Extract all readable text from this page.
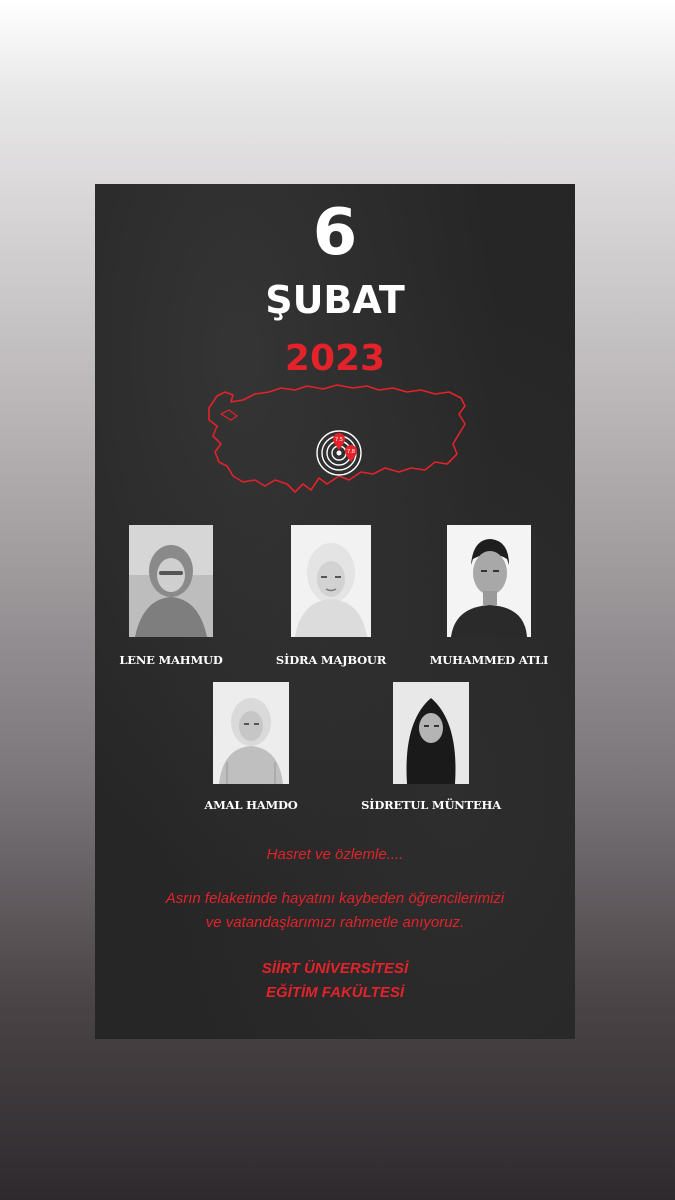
6
ŞUBAT
2023
7.5
7.8
LENE MAHMUD	SİDRA MAJBOUR	MUHAMMED ATLI
AMAL HAMDO	SİDRETUL MÜNTEHA
Hasret ve özlemle....
Asrın felaketinde hayatını kaybeden öğrencilerimizi
ve vatandaşlarımızı rahmetle anıyoruz.
SİİRT ÜNİVERSİTESİ
EĞİTİM FAKÜLTESİ
